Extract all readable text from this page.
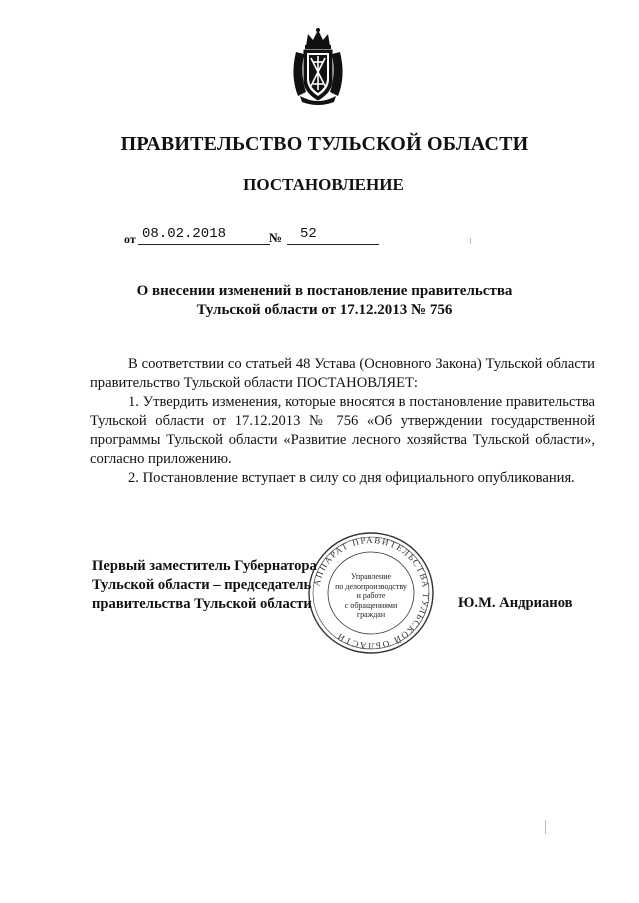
ПРАВИТЕЛЬСТВО ТУЛЬСКОЙ ОБЛАСТИ
ПОСТАНОВЛЕНИЕ
от 08.02.2018	№ 52
О внесении изменений в постановление правительства
Тульской области от 17.12.2013 № 756

В соответствии со статьей 48 Устава (Основного Закона) Тульской области правительство Тульской области ПОСТАНОВЛЯЕТ:

1. Утвердить изменения, которые вносятся в постановление правительства Тульской области от 17.12.2013 № 756 «Об утверждении государственной программы Тульской области «Развитие лесного хозяйства Тульской области», согласно приложению.

2. Постановление вступает в силу со дня официального опубликования.

АППАРАТ ПРАВИТЕЛЬСТВА ТУЛЬСКОЙ ОБЛАСТИ
Управление
по делопроизводству
и работе
с обращениями
граждан
Первый заместитель Губернатора
Тульской области – председатель
правительства Тульской области	Ю.М. Андрианов
